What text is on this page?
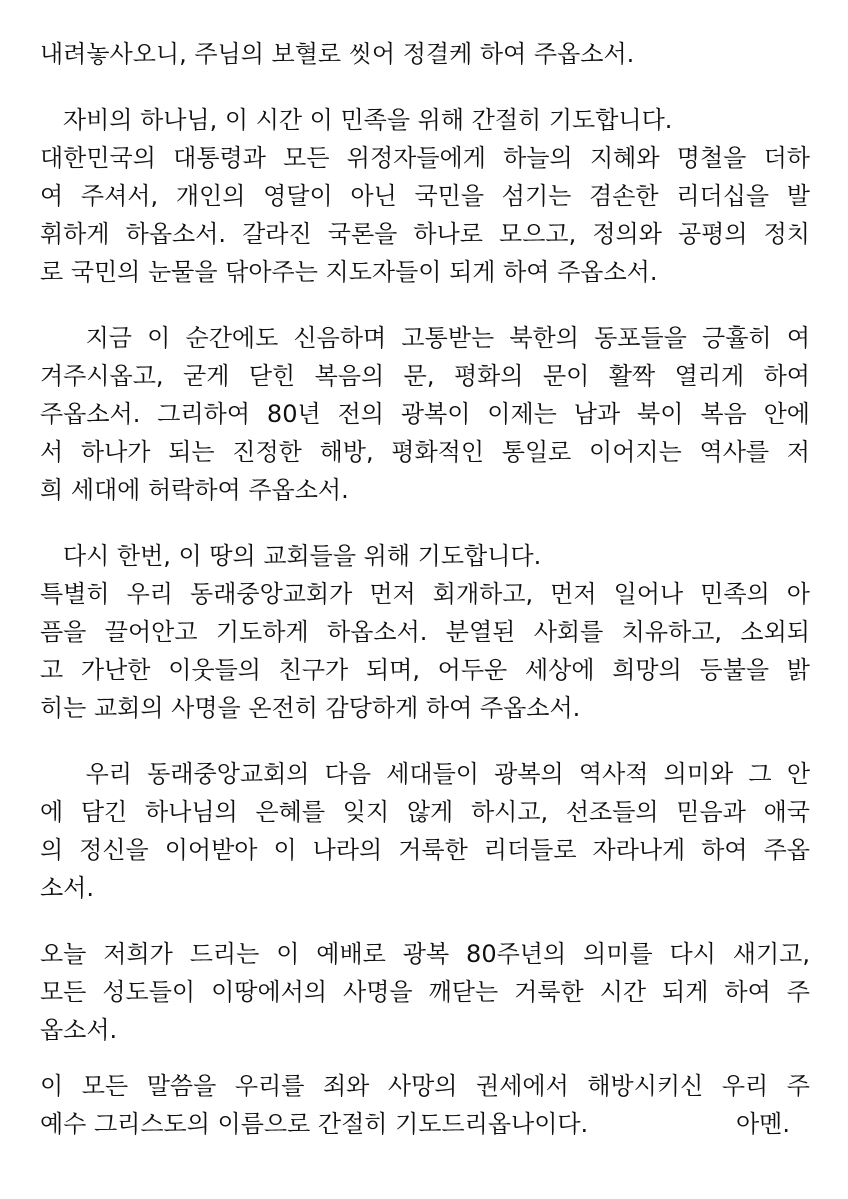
내려놓사오니, 주님의 보혈로 씻어 정결케 하여 주옵소서.
자비의 하나님, 이 시간 이 민족을 위해 간절히 기도합니다.
대한민국의 대통령과 모든 위정자들에게 하늘의 지혜와 명철을 더하
여 주셔서, 개인의 영달이 아닌 국민을 섬기는 겸손한 리더십을 발
휘하게 하옵소서. 갈라진 국론을 하나로 모으고, 정의와 공평의 정치
로 국민의 눈물을 닦아주는 지도자들이 되게 하여 주옵소서.
지금 이 순간에도 신음하며 고통받는 북한의 동포들을 긍휼히 여
겨주시옵고, 굳게 닫힌 복음의 문, 평화의 문이 활짝 열리게 하여
주옵소서. 그리하여 80년 전의 광복이 이제는 남과 북이 복음 안에
서 하나가 되는 진정한 해방, 평화적인 통일로 이어지는 역사를 저
희 세대에 허락하여 주옵소서.
다시 한번, 이 땅의 교회들을 위해 기도합니다.
특별히 우리 동래중앙교회가 먼저 회개하고, 먼저 일어나 민족의 아
픔을 끌어안고 기도하게 하옵소서. 분열된 사회를 치유하고, 소외되
고 가난한 이웃들의 친구가 되며, 어두운 세상에 희망의 등불을 밝
히는 교회의 사명을 온전히 감당하게 하여 주옵소서.
우리 동래중앙교회의 다음 세대들이 광복의 역사적 의미와 그 안
에 담긴 하나님의 은혜를 잊지 않게 하시고, 선조들의 믿음과 애국
의 정신을 이어받아 이 나라의 거룩한 리더들로 자라나게 하여 주옵
소서.
오늘 저희가 드리는 이 예배로 광복 80주년의 의미를 다시 새기고,
모든 성도들이 이땅에서의 사명을 깨닫는 거룩한 시간 되게 하여 주
옵소서.
이 모든 말씀을 우리를 죄와 사망의 권세에서 해방시키신 우리 주
예수 그리스도의 이름으로 간절히 기도드리옵나이다.	아멘.
